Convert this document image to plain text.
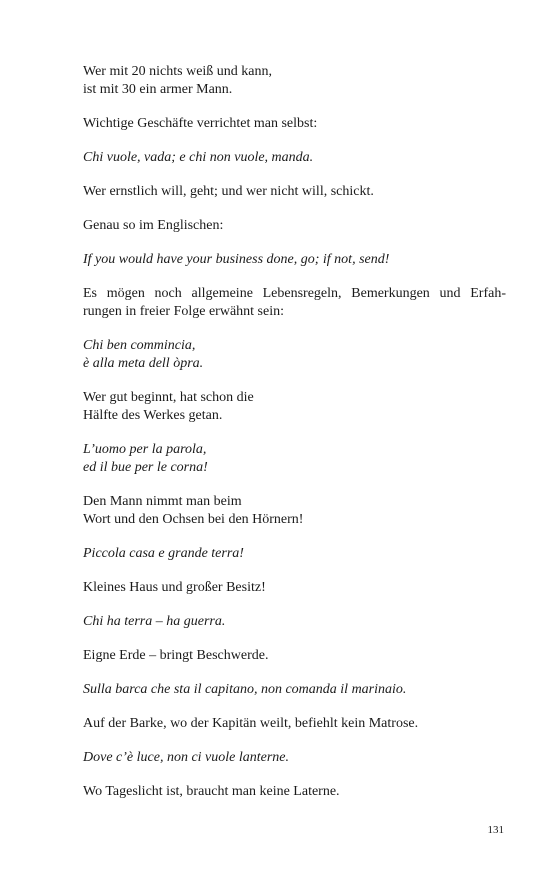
Wer mit 20 nichts weiß und kann,
ist mit 30 ein armer Mann.

Wichtige Geschäfte verrichtet man selbst:

Chi vuole, vada; e chi non vuole, manda.

Wer ernstlich will, geht; und wer nicht will, schickt.

Genau so im Englischen:

If you would have your business done, go; if not, send!

Es mögen noch allgemeine Lebensregeln, Bemerkungen und Erfah-
rungen in freier Folge erwähnt sein:

Chi ben commincia,
è alla meta dell òpra.

Wer gut beginnt, hat schon die
Hälfte des Werkes getan.

L’uomo per la parola,
ed il bue per le corna!

Den Mann nimmt man beim
Wort und den Ochsen bei den Hörnern!

Piccola casa e grande terra!

Kleines Haus und großer Besitz!

Chi ha terra – ha guerra.

Eigne Erde – bringt Beschwerde.

Sulla barca che sta il capitano, non comanda il marinaio.

Auf der Barke, wo der Kapitän weilt, befiehlt kein Matrose.

Dove c’è luce, non ci vuole lanterne.

Wo Tageslicht ist, braucht man keine Laterne.

131
